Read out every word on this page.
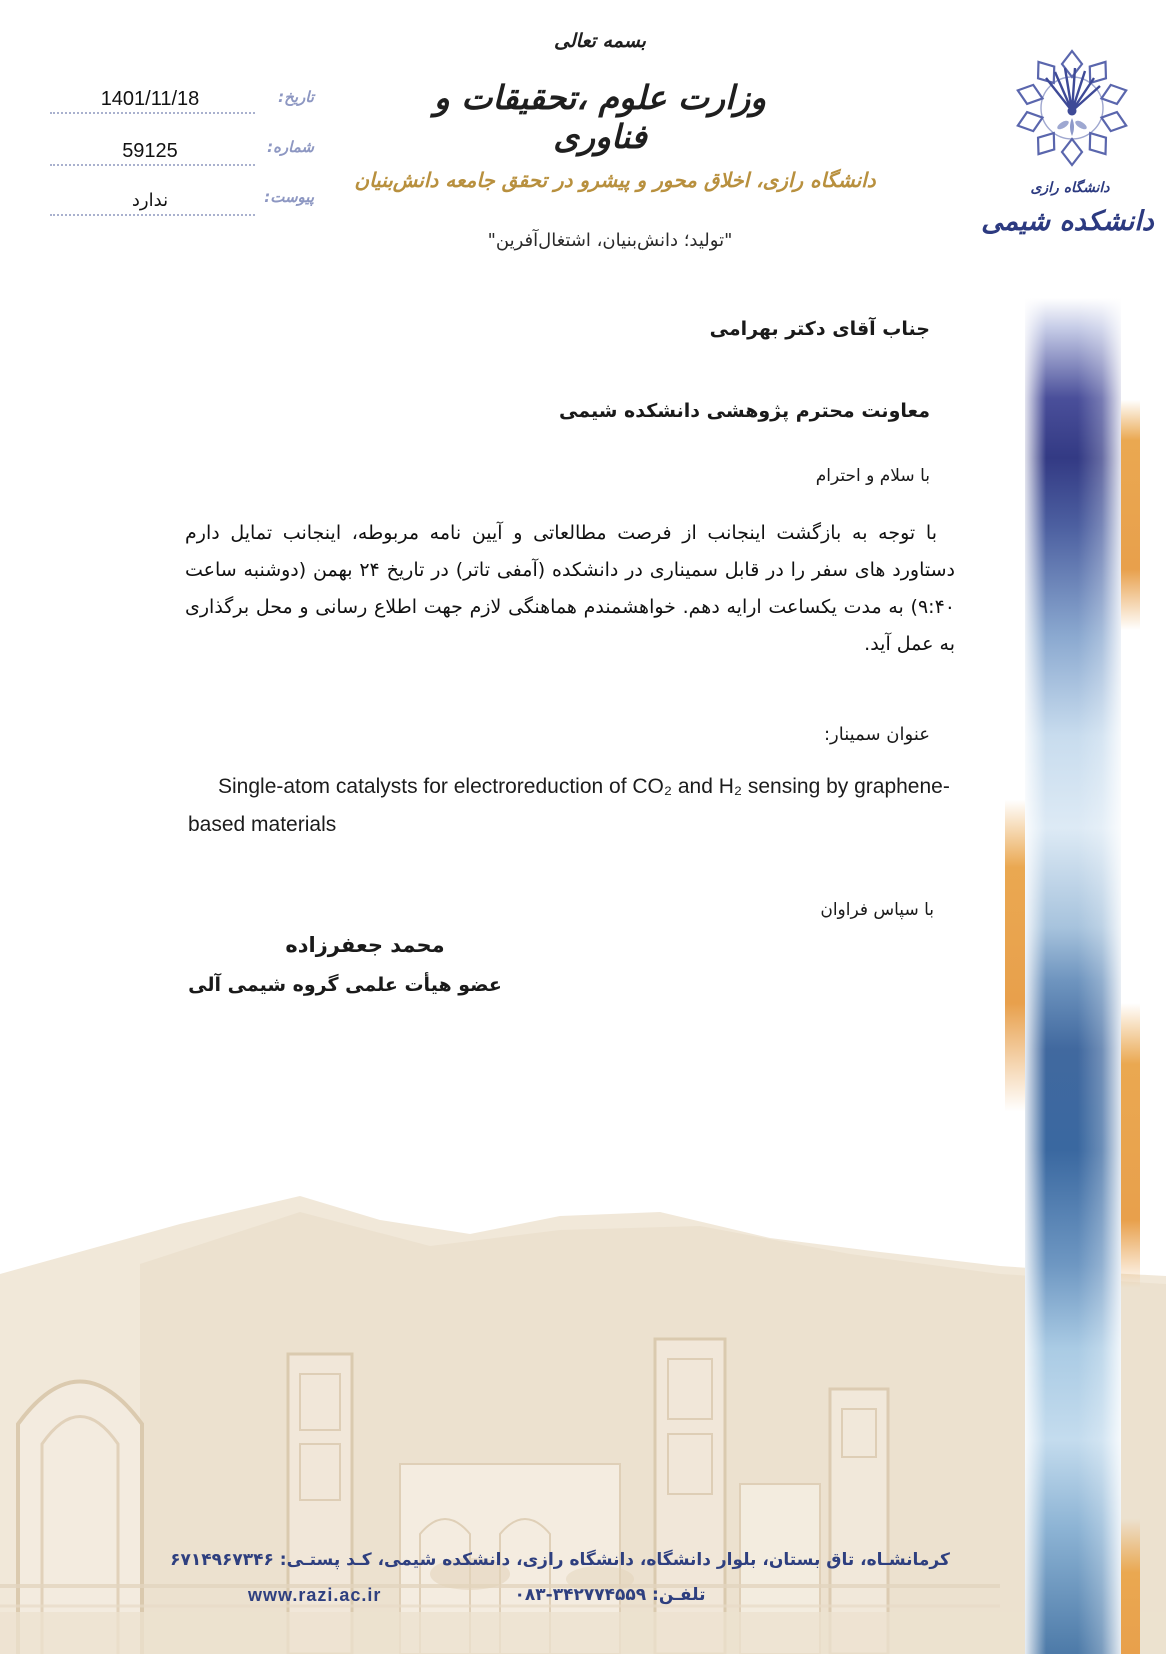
1401/11/18	تاریخ:
59125	شماره:
ندارد	پیوست:
بسمه تعالی
وزارت علوم ،تحقیقات و فناوری
دانشگاه رازی، اخلاق محور و پیشرو در تحقق جامعه دانش‌بنیان
"تولید؛ دانش‌بنیان، اشتغال‌آفرین"
دانشگاه رازی
دانشکده شیمی
جناب آقای دکتر بهرامی
معاونت محترم پژوهشی دانشکده شیمی
با سلام و احترام
با توجه به بازگشت اینجانب از فرصت مطالعاتی و آیین نامه مربوطه، اینجانب تمایل دارم دستاورد های سفر را در قابل سمیناری در دانشکده (آمفی تاتر) در تاریخ ۲۴ بهمن (دوشنبه ساعت ۹:۴۰) به مدت یکساعت ارایه دهم. خواهشمندم هماهنگی لازم جهت اطلاع رسانی و محل برگذاری به عمل آید.
عنوان سمینار:
Single-atom catalysts for electroreduction of CO₂ and H₂ sensing by graphene-based materials
با سپاس فراوان
محمد جعفرزاده
عضو هیأت علمی گروه شیمی آلی
کرمانشـاه، تاق بستان، بلوار دانشگاه، دانشگاه رازی، دانشکده شیمی، کـد پستـی: ۶۷۱۴۹۶۷۳۴۶
تلفـن: ۰۸۳-۳۴۲۷۷۴۵۵۹
www.razi.ac.ir
